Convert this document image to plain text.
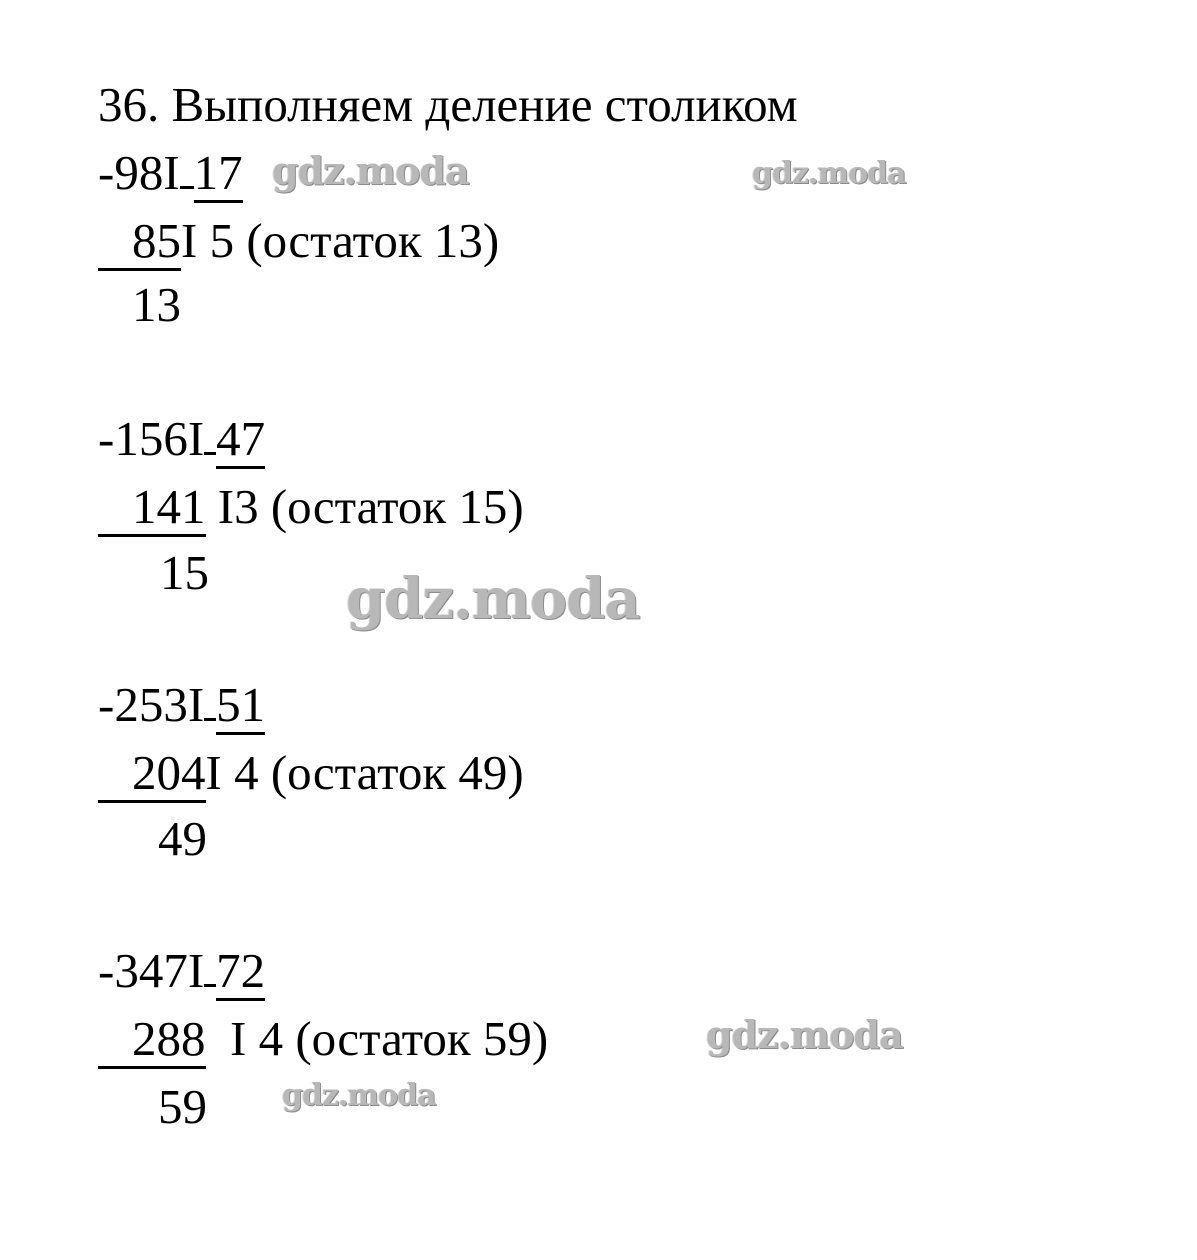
36. Выполняем деление столиком
-98I 17
85I 5 (остаток 13)
13
-156I 47
141 I3 (остаток 15)
15
-253I 51
204I 4 (остаток 49)
49
-347I 72
288  I 4 (остаток 59)
59
gdz.moda	gdz.moda
gdz.moda
gdz.moda
gdz.moda
